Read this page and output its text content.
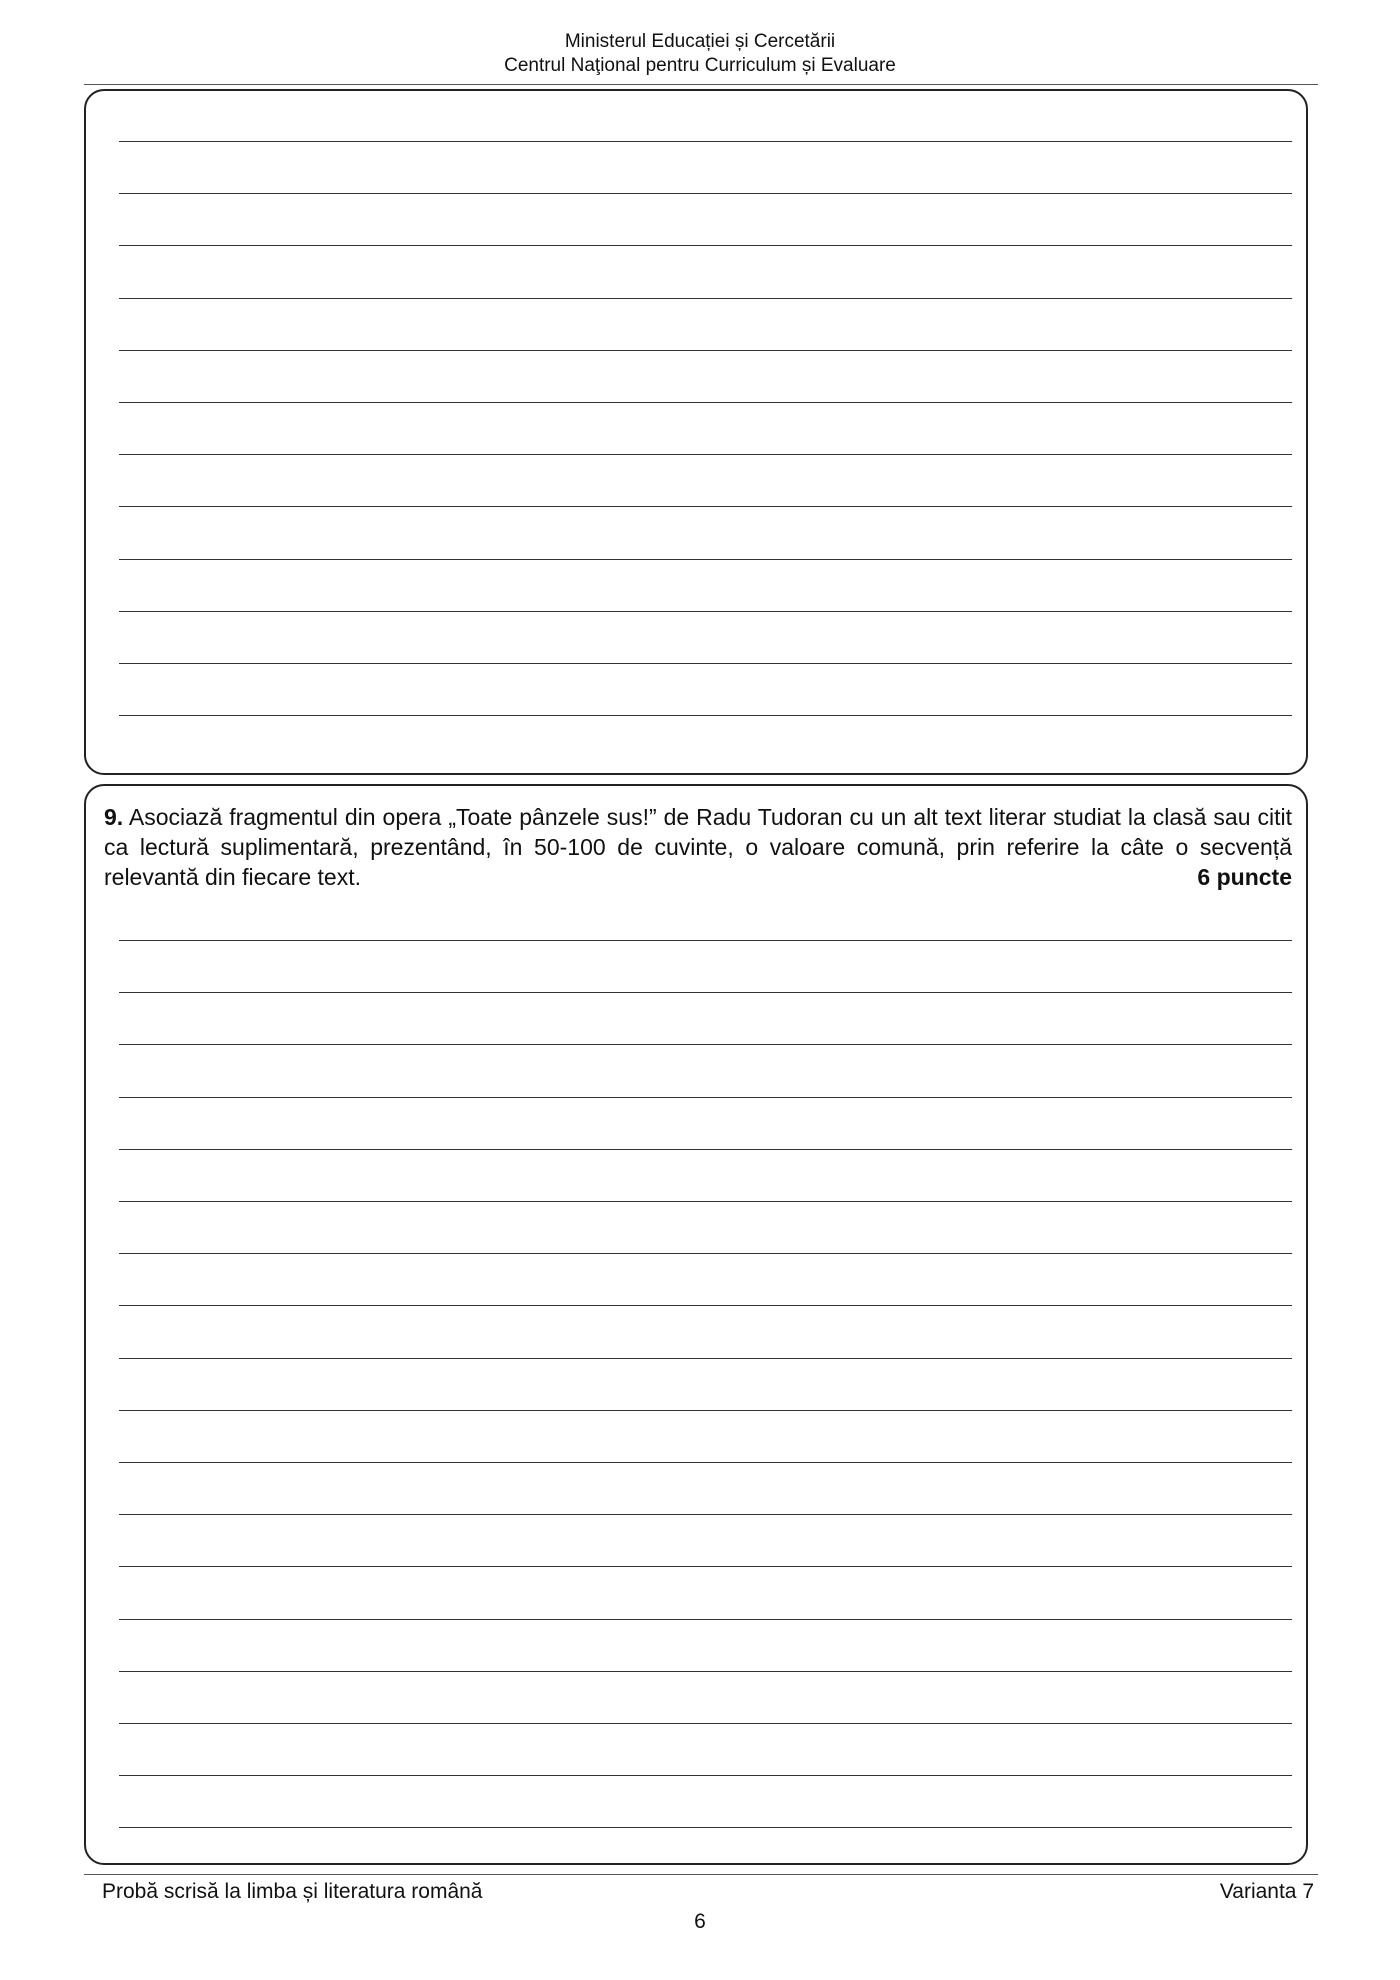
Ministerul Educației și Cercetării
Centrul Naţional pentru Curriculum și Evaluare
9. Asociază fragmentul din opera „Toate pânzele sus!” de Radu Tudoran cu un alt text literar studiat la clasă sau citit ca lectură suplimentară, prezentând, în 50-100 de cuvinte, o valoare comună, prin referire la câte o secvență relevantă din fiecare text.	6 puncte
Probă scrisă la limba și literatura română	Varianta 7
6
